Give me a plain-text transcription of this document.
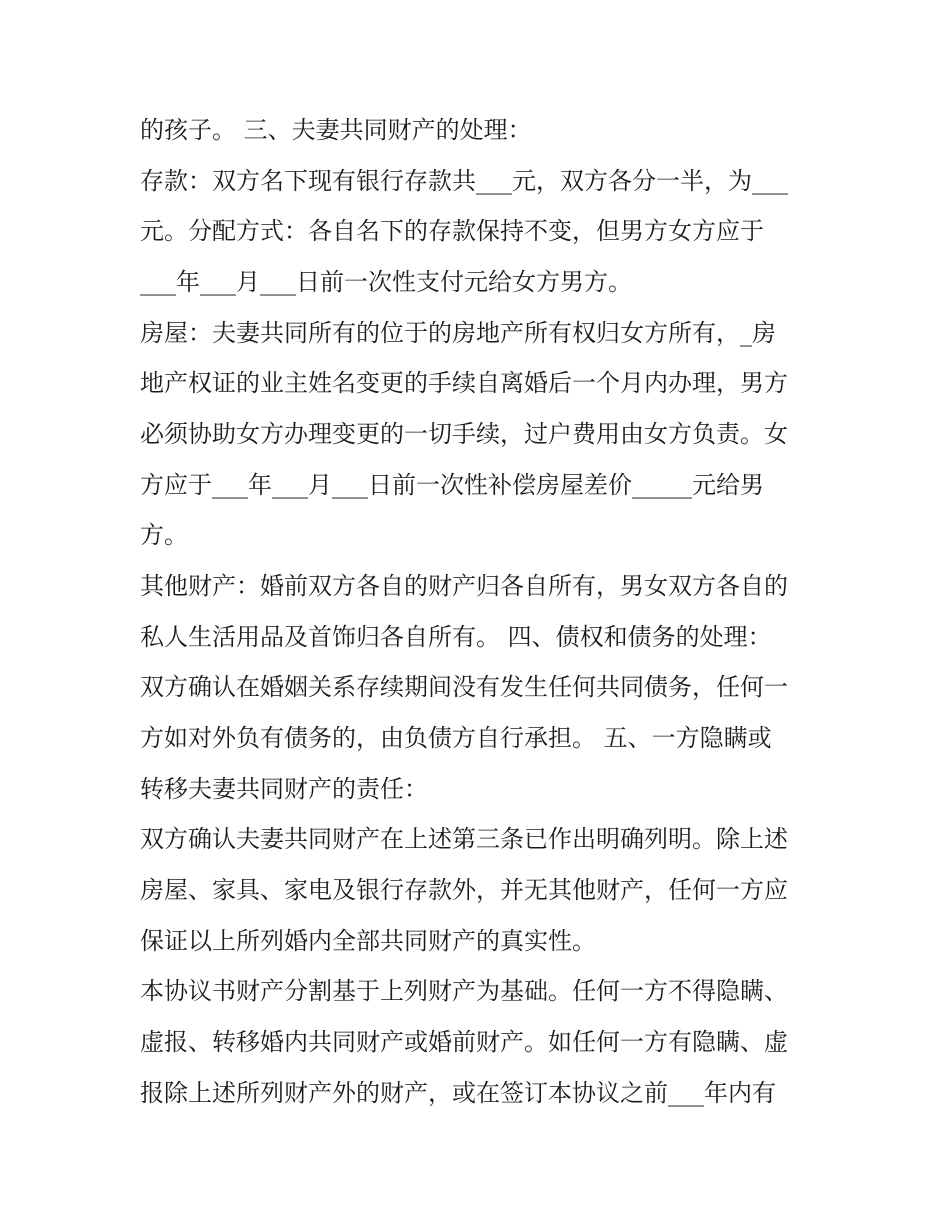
的孩子。 三、夫妻共同财产的处理：
存款：双方名下现有银行存款共___元，双方各分一半，为___
元。分配方式：各自名下的存款保持不变，但男方女方应于
___年___月___日前一次性支付元给女方男方。
房屋：夫妻共同所有的位于的房地产所有权归女方所有，_房
地产权证的业主姓名变更的手续自离婚后一个月内办理，男方
必须协助女方办理变更的一切手续，过户费用由女方负责。女
方应于___年___月___日前一次性补偿房屋差价_____元给男
方。
其他财产：婚前双方各自的财产归各自所有，男女双方各自的
私人生活用品及首饰归各自所有。 四、债权和债务的处理：
双方确认在婚姻关系存续期间没有发生任何共同债务，任何一
方如对外负有债务的，由负债方自行承担。 五、一方隐瞒或
转移夫妻共同财产的责任：
双方确认夫妻共同财产在上述第三条已作出明确列明。除上述
房屋、家具、家电及银行存款外，并无其他财产，任何一方应
保证以上所列婚内全部共同财产的真实性。
本协议书财产分割基于上列财产为基础。任何一方不得隐瞒、
虚报、转移婚内共同财产或婚前财产。如任何一方有隐瞒、虚
报除上述所列财产外的财产，或在签订本协议之前___年内有
